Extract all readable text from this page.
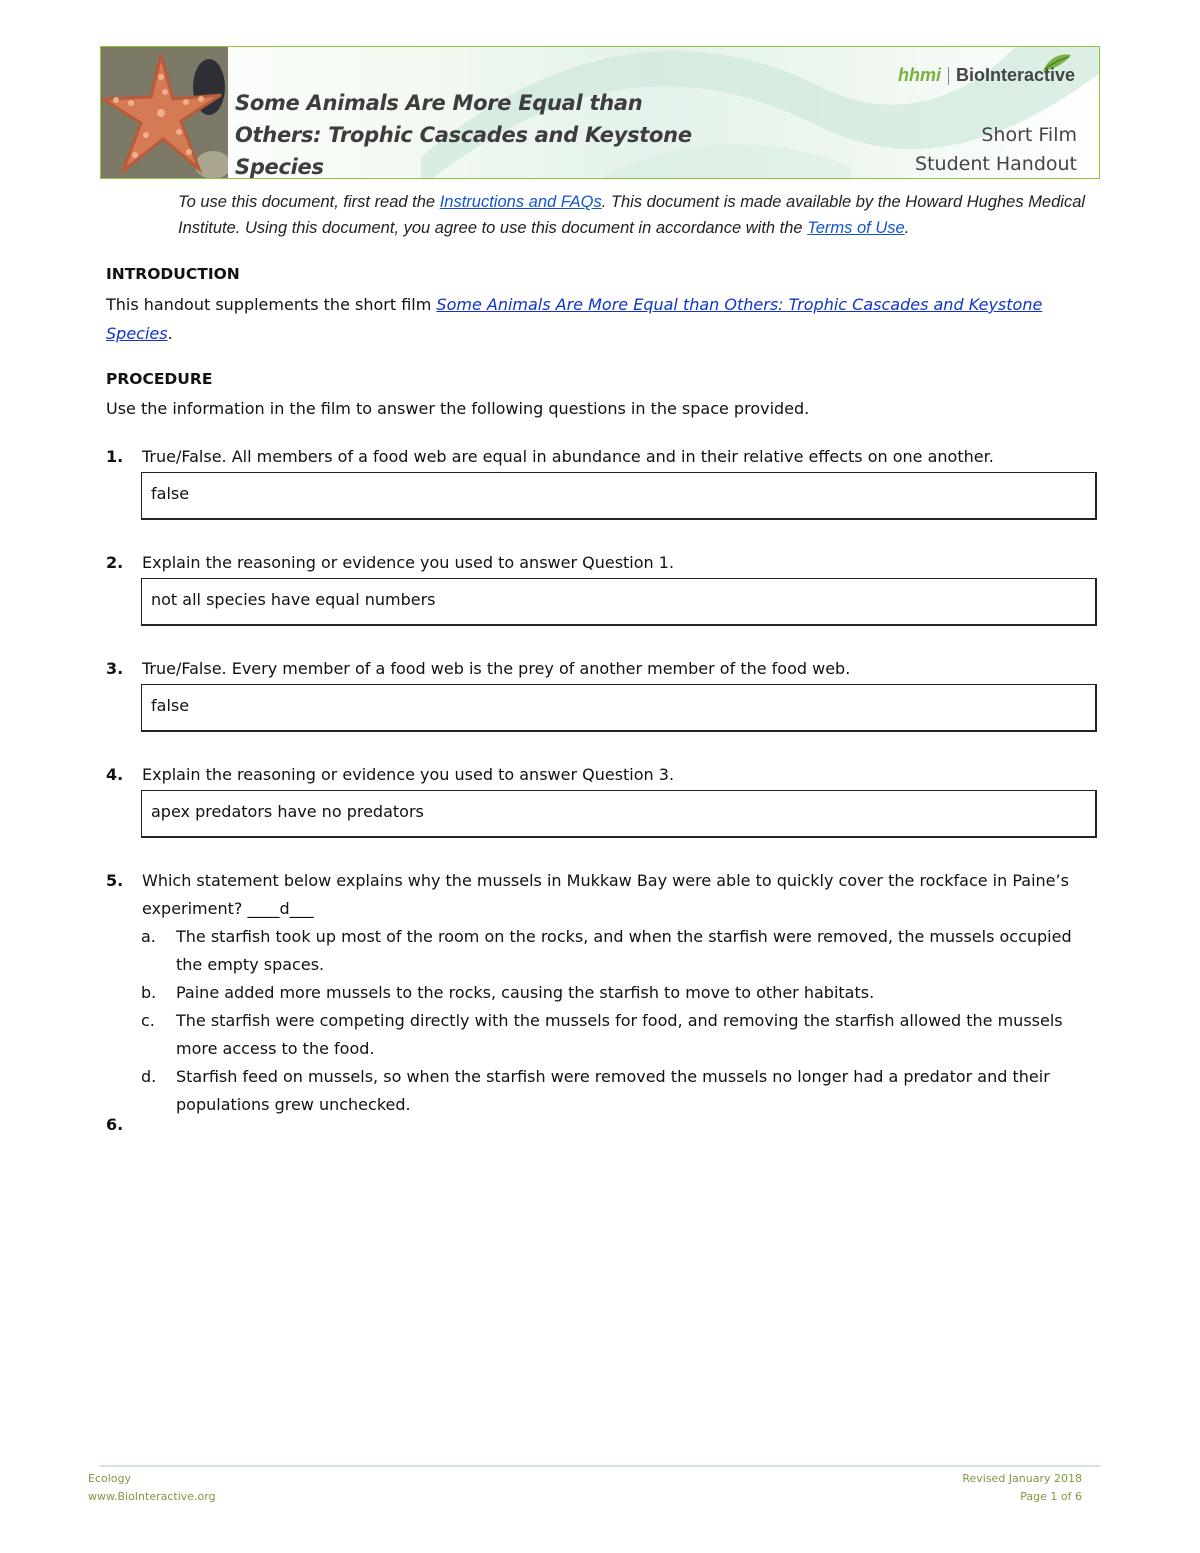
hhmi BioInteractive
Some Animals Are More Equal than Others: Trophic Cascades and Keystone Species
Short Film
Student Handout

To use this document, first read the Instructions and FAQs. This document is made available by the Howard Hughes Medical Institute. Using this document, you agree to use this document in accordance with the Terms of Use.

INTRODUCTION

This handout supplements the short film Some Animals Are More Equal than Others: Trophic Cascades and Keystone Species.

PROCEDURE

Use the information in the film to answer the following questions in the space provided.

1. True/False. All members of a food web are equal in abundance and in their relative effects on one another.
false
2. Explain the reasoning or evidence you used to answer Question 1.
not all species have equal numbers
3. True/False. Every member of a food web is the prey of another member of the food web.
false
4. Explain the reasoning or evidence you used to answer Question 3.
apex predators have no predators
5. Which statement below explains why the mussels in Mukkaw Bay were able to quickly cover the rockface in Paine’s experiment? ____d___
a. The starfish took up most of the room on the rocks, and when the starfish were removed, the mussels occupied the empty spaces.
b. Paine added more mussels to the rocks, causing the starfish to move to other habitats.
c. The starfish were competing directly with the mussels for food, and removing the starfish allowed the mussels more access to the food.
d. Starfish feed on mussels, so when the starfish were removed the mussels no longer had a predator and their populations grew unchecked.
6.
Ecology
www.BioInteractive.org
Revised January 2018
Page 1 of 6
